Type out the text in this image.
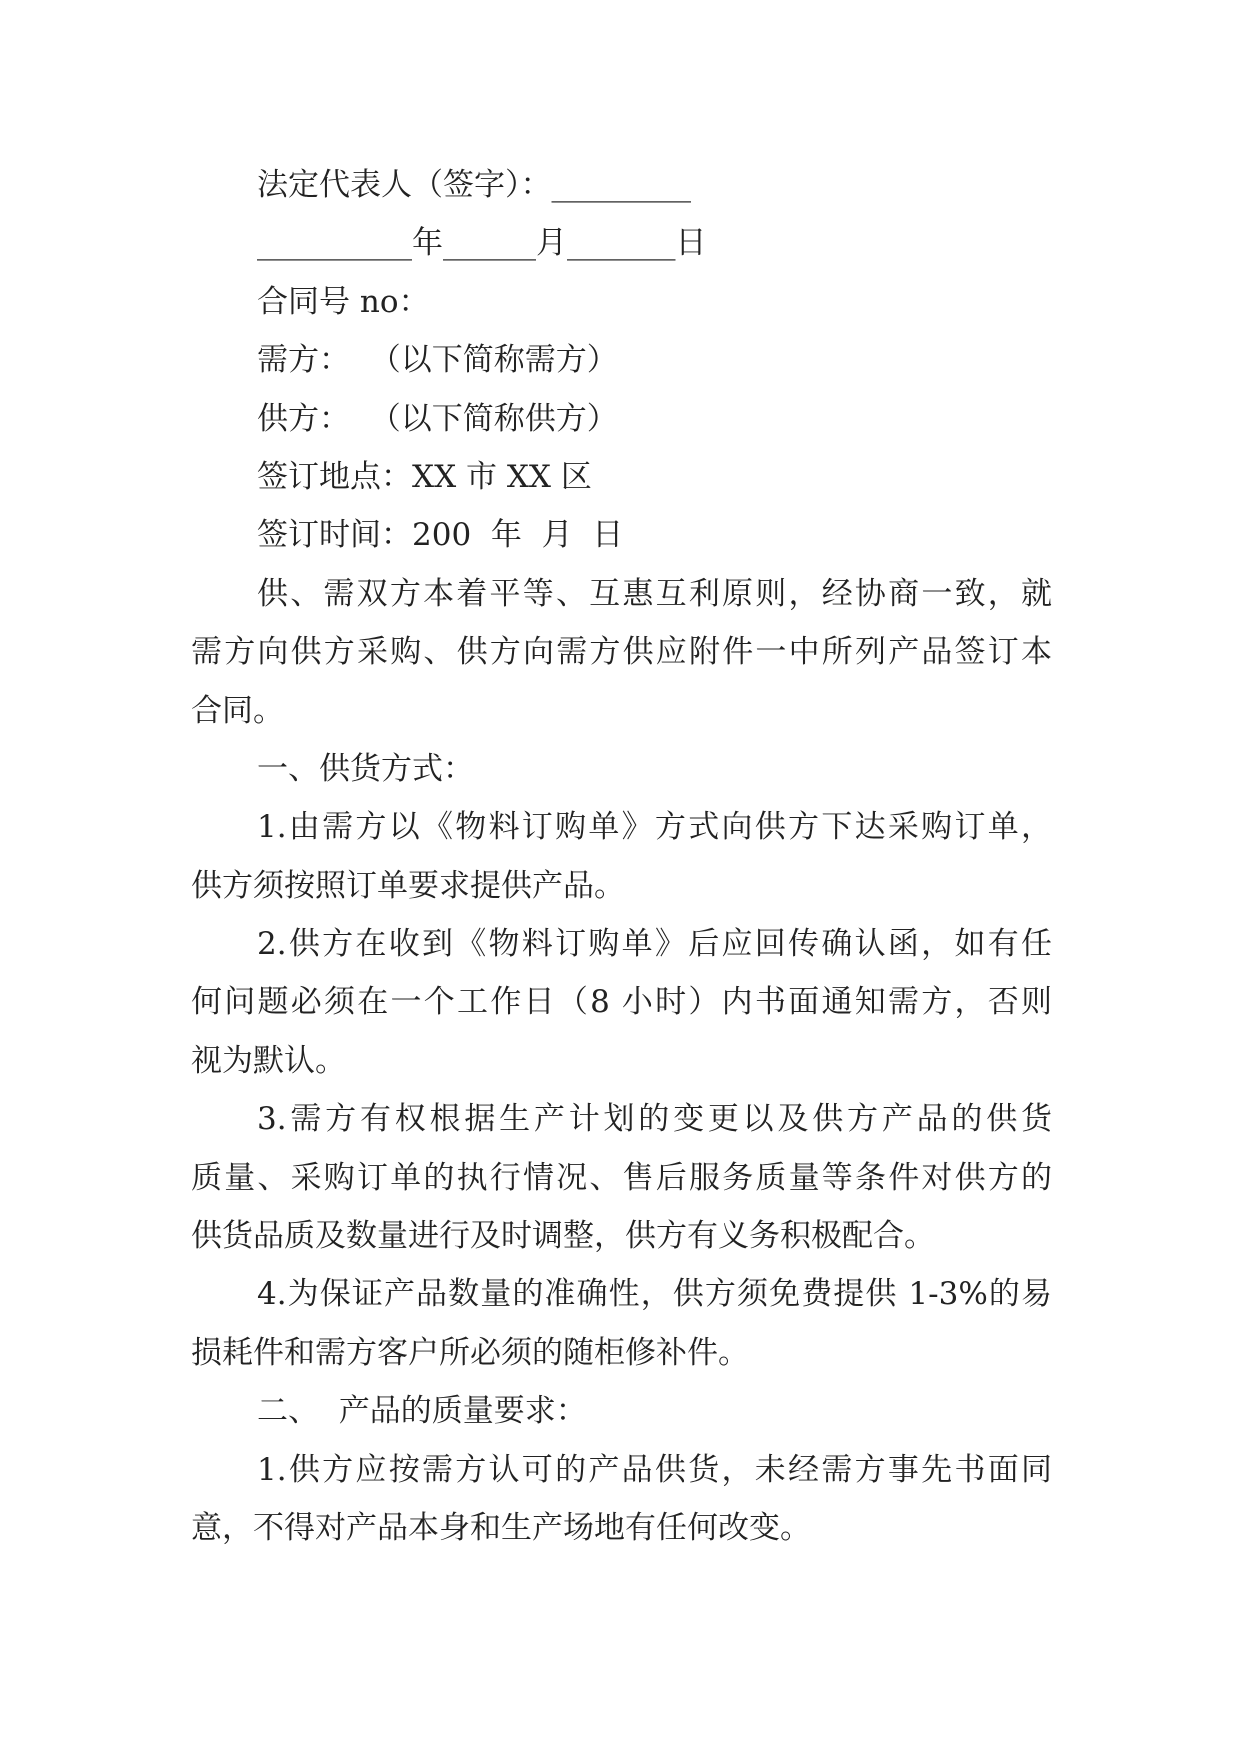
法定代表人（签字）：_________
__________年______月_______日
合同号 no：
需方：  （以下简称需方）
供方：  （以下简称供方）
签订地点：XX 市 XX 区
签订时间：200  年  月  日
供、需双方本着平等、互惠互利原则，经协商一致，就
需方向供方采购、供方向需方供应附件一中所列产品签订本
合同。
一、供货方式：
1.由需方以《物料订购单》方式向供方下达采购订单，
供方须按照订单要求提供产品。
2.供方在收到《物料订购单》后应回传确认函，如有任
何问题必须在一个工作日（8 小时）内书面通知需方，否则
视为默认。
3.需方有权根据生产计划的变更以及供方产品的供货
质量、采购订单的执行情况、售后服务质量等条件对供方的
供货品质及数量进行及时调整，供方有义务积极配合。
4.为保证产品数量的准确性，供方须免费提供 1-3%的易
损耗件和需方客户所必须的随柜修补件。
二、  产品的质量要求：
1.供方应按需方认可的产品供货，未经需方事先书面同
意，不得对产品本身和生产场地有任何改变。
